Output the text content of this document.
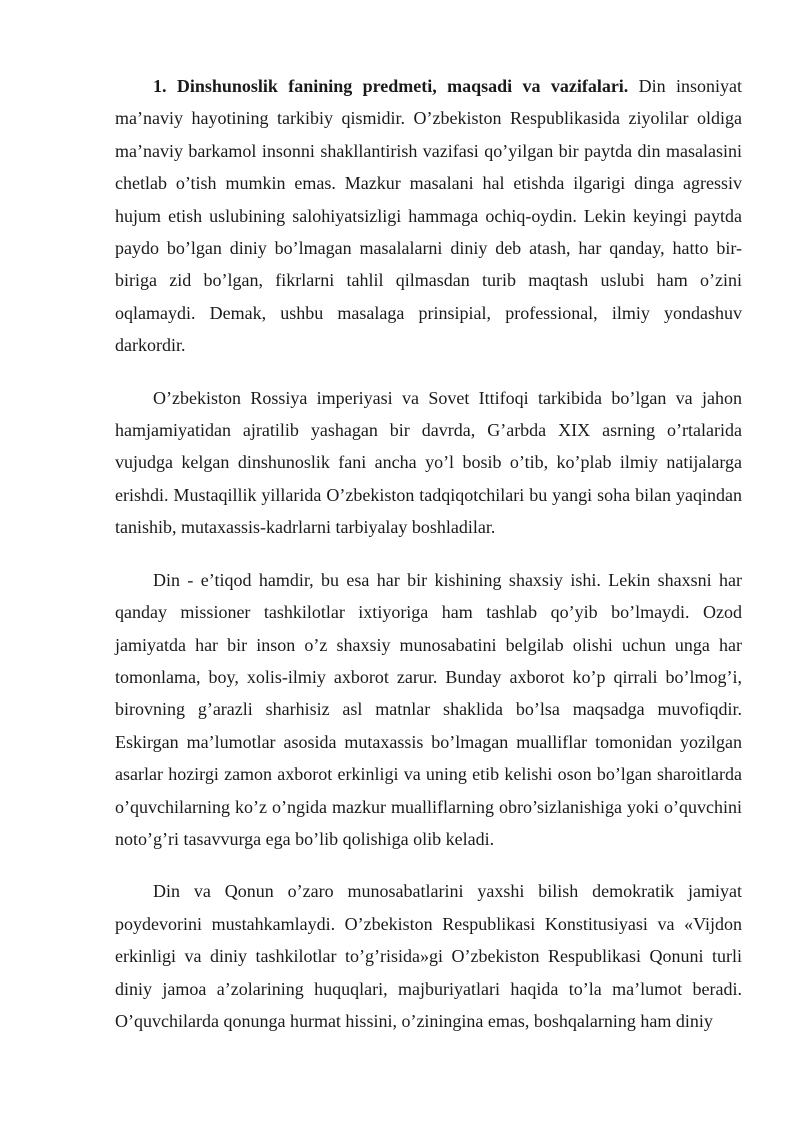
1. Dinshunoslik fanining predmeti, maqsadi va vazifalari. Din insoniyat ma’naviy hayotining tarkibiy qismidir. O’zbekiston Respublikasida ziyolilar oldiga ma’naviy barkamol insonni shakllantirish vazifasi qo’yilgan bir paytda din masalasini chetlab o’tish mumkin emas. Mazkur masalani hal etishda ilgarigi dinga agressiv hujum etish uslubining salohiyatsizligi hammaga ochiq-oydin. Lekin keyingi paytda paydo bo’lgan diniy bo’lmagan masalalarni diniy deb atash, har qanday, hatto bir-biriga zid bo’lgan, fikrlarni tahlil qilmasdan turib maqtash uslubi ham o’zini oqlamaydi. Demak, ushbu masalaga prinsipial, professional, ilmiy yondashuv darkordir.

O’zbekiston Rossiya imperiyasi va Sovet Ittifoqi tarkibida bo’lgan va jahon hamjamiyatidan ajratilib yashagan bir davrda, G’arbda XIX asrning o’rtalarida vujudga kelgan dinshunoslik fani ancha yo’l bosib o’tib, ko’plab ilmiy natijalarga erishdi. Mustaqillik yillarida O’zbekiston tadqiqotchilari bu yangi soha bilan yaqindan tanishib, mutaxassis-kadrlarni tarbiyalay boshladilar.

Din - e’tiqod hamdir, bu esa har bir kishining shaxsiy ishi. Lekin shaxsni har qanday missioner tashkilotlar ixtiyoriga ham tashlab qo’yib bo’lmaydi. Ozod jamiyatda har bir inson o’z shaxsiy munosabatini belgilab olishi uchun unga har tomonlama, boy, xolis-ilmiy axborot zarur. Bunday axborot ko’p qirrali bo’lmog’i, birovning g’arazli sharhisiz asl matnlar shaklida bo’lsa maqsadga muvofiqdir. Eskirgan ma’lumotlar asosida mutaxassis bo’lmagan mualliflar tomonidan yozilgan asarlar hozirgi zamon axborot erkinligi va uning etib kelishi oson bo’lgan sharoitlarda o’quvchilarning ko’z o’ngida mazkur mualliflarning obro’sizlanishiga yoki o’quvchini noto’g’ri tasavvurga ega bo’lib qolishiga olib keladi.

Din va Qonun o’zaro munosabatlarini yaxshi bilish demokratik jamiyat poydevorini mustahkamlaydi. O’zbekiston Respublikasi Konstitusiyasi va «Vijdon erkinligi va diniy tashkilotlar to’g’risida»gi O’zbekiston Respublikasi Qonuni turli diniy jamoa a’zolarining huquqlari, majburiyatlari haqida to’la ma’lumot beradi. O’quvchilarda qonunga hurmat hissini, o’ziningina emas, boshqalarning ham diniy
